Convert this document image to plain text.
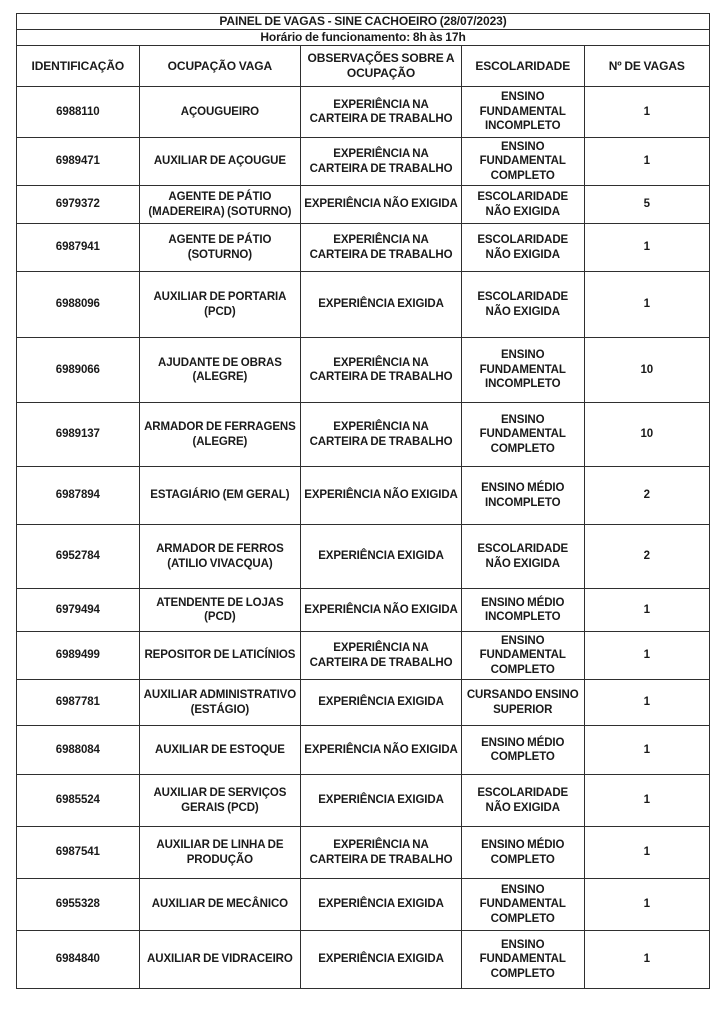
PAINEL DE VAGAS - SINE CACHOEIRO (28/07/2023)				
Horário de funcionamento: 8h às 17h				
IDENTIFICAÇÃO	OCUPAÇÃO VAGA	OBSERVAÇÕES SOBRE A OCUPAÇÃO	ESCOLARIDADE	Nº DE VAGAS
6988110	AÇOUGUEIRO	EXPERIÊNCIA NA CARTEIRA DE TRABALHO	ENSINO FUNDAMENTAL INCOMPLETO	1
6989471	AUXILIAR DE AÇOUGUE	EXPERIÊNCIA NA CARTEIRA DE TRABALHO	ENSINO FUNDAMENTAL COMPLETO	1
6979372	AGENTE DE PÁTIO (MADEREIRA) (SOTURNO)	EXPERIÊNCIA NÃO EXIGIDA	ESCOLARIDADE NÃO EXIGIDA	5
6987941	AGENTE DE PÁTIO (SOTURNO)	EXPERIÊNCIA NA CARTEIRA DE TRABALHO	ESCOLARIDADE NÃO EXIGIDA	1
6988096	AUXILIAR DE PORTARIA (PCD)	EXPERIÊNCIA EXIGIDA	ESCOLARIDADE NÃO EXIGIDA	1
6989066	AJUDANTE DE OBRAS (ALEGRE)	EXPERIÊNCIA NA CARTEIRA DE TRABALHO	ENSINO FUNDAMENTAL INCOMPLETO	10
6989137	ARMADOR DE FERRAGENS (ALEGRE)	EXPERIÊNCIA NA CARTEIRA DE TRABALHO	ENSINO FUNDAMENTAL COMPLETO	10
6987894	ESTAGIÁRIO (EM GERAL)	EXPERIÊNCIA NÃO EXIGIDA	ENSINO MÉDIO INCOMPLETO	2
6952784	ARMADOR DE FERROS (ATILIO VIVACQUA)	EXPERIÊNCIA EXIGIDA	ESCOLARIDADE NÃO EXIGIDA	2
6979494	ATENDENTE DE LOJAS (PCD)	EXPERIÊNCIA NÃO EXIGIDA	ENSINO MÉDIO INCOMPLETO	1
6989499	REPOSITOR DE LATICÍNIOS	EXPERIÊNCIA NA CARTEIRA DE TRABALHO	ENSINO FUNDAMENTAL COMPLETO	1
6987781	AUXILIAR ADMINISTRATIVO (ESTÁGIO)	EXPERIÊNCIA EXIGIDA	CURSANDO ENSINO SUPERIOR	1
6988084	AUXILIAR DE ESTOQUE	EXPERIÊNCIA NÃO EXIGIDA	ENSINO MÉDIO COMPLETO	1
6985524	AUXILIAR DE SERVIÇOS GERAIS (PCD)	EXPERIÊNCIA EXIGIDA	ESCOLARIDADE NÃO EXIGIDA	1
6987541	AUXILIAR DE LINHA DE PRODUÇÃO	EXPERIÊNCIA NA CARTEIRA DE TRABALHO	ENSINO MÉDIO COMPLETO	1
6955328	AUXILIAR DE MECÂNICO	EXPERIÊNCIA EXIGIDA	ENSINO FUNDAMENTAL COMPLETO	1
6984840	AUXILIAR DE VIDRACEIRO	EXPERIÊNCIA EXIGIDA	ENSINO FUNDAMENTAL COMPLETO	1
